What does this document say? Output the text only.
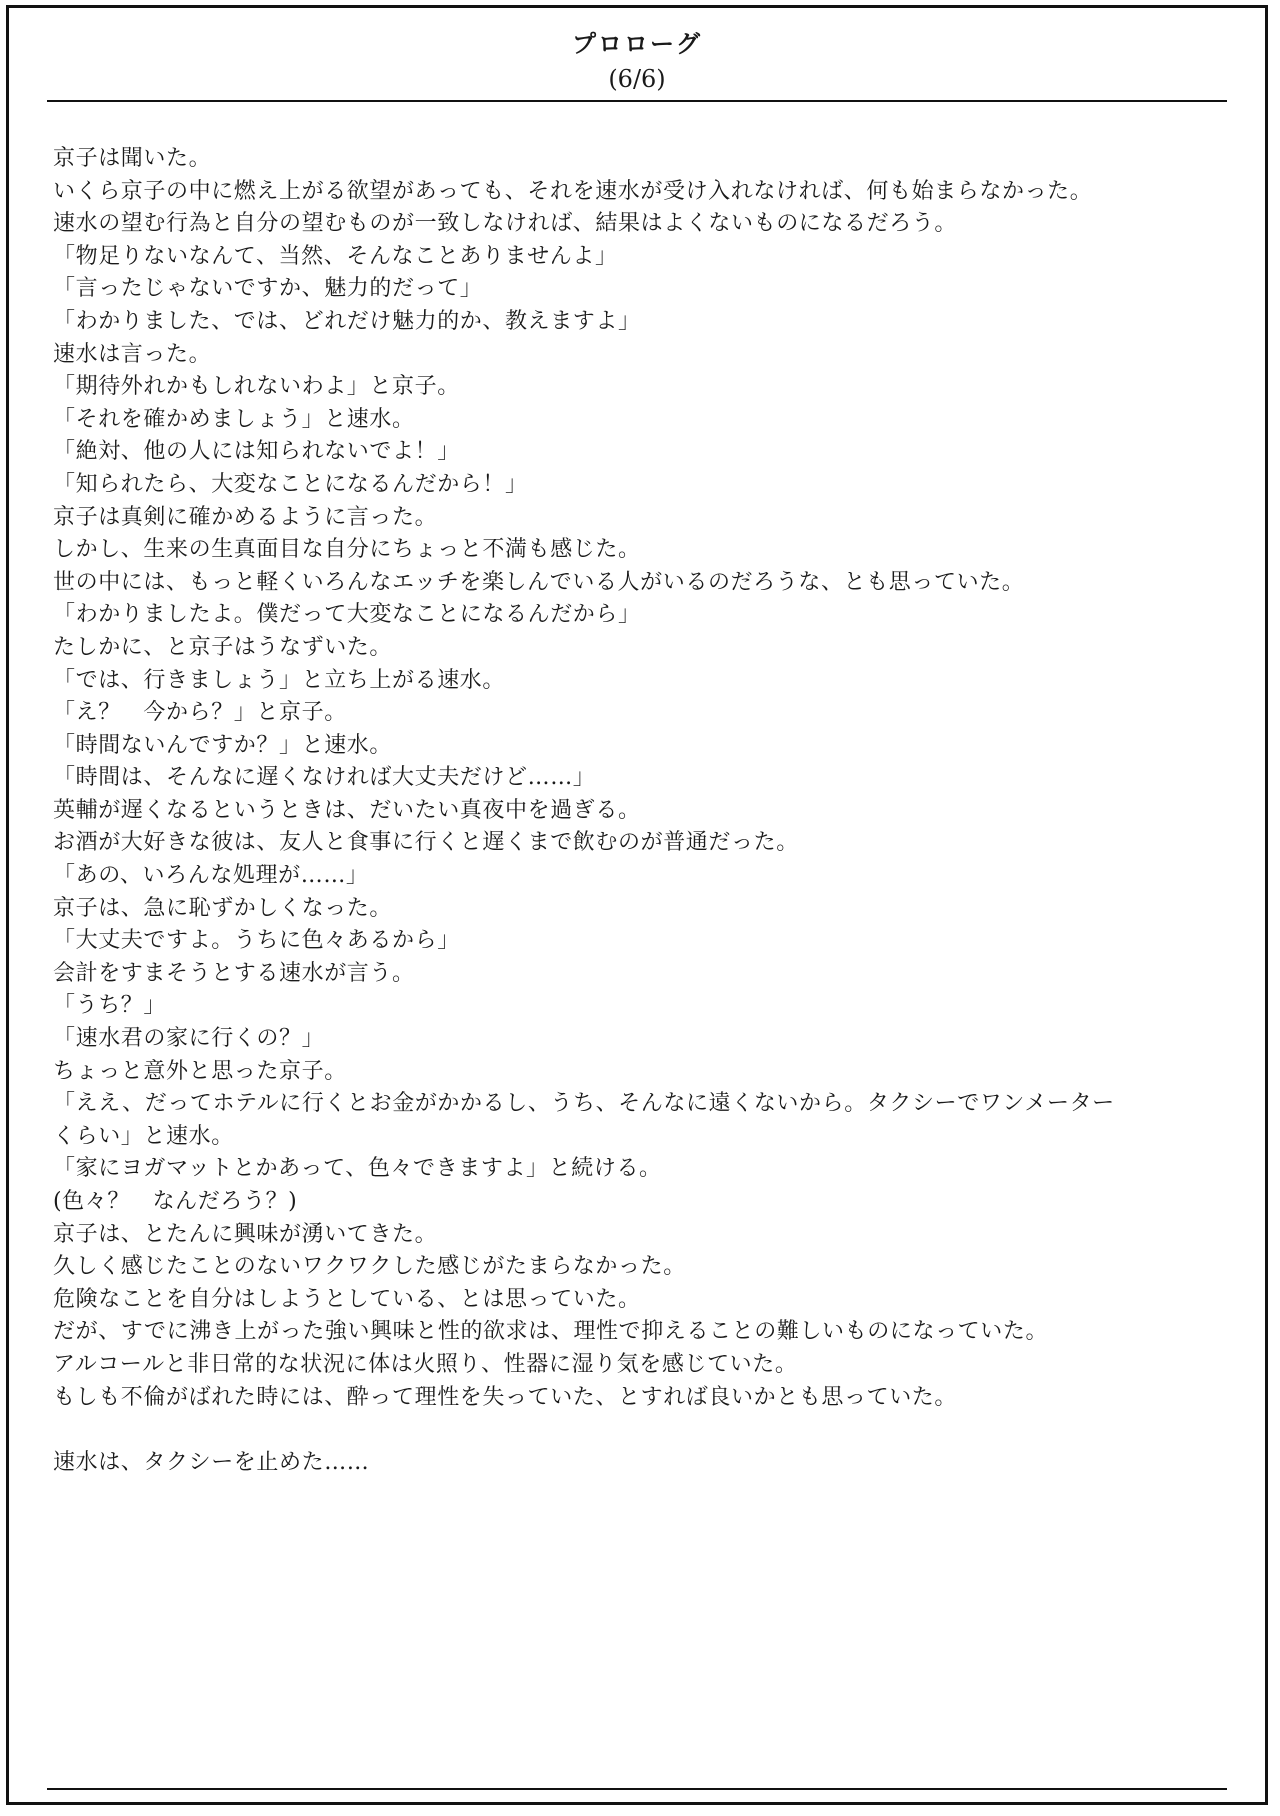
プロローグ
(6/6)
京子は聞いた。
いくら京子の中に燃え上がる欲望があっても、それを速水が受け入れなければ、何も始まらなかった。
速水の望む行為と自分の望むものが一致しなければ、結果はよくないものになるだろう。
「物足りないなんて、当然、そんなことありませんよ」
「言ったじゃないですか、魅力的だって」
「わかりました、では、どれだけ魅力的か、教えますよ」
速水は言った。
「期待外れかもしれないわよ」と京子。
「それを確かめましょう」と速水。
「絶対、他の人には知られないでよ！」
「知られたら、大変なことになるんだから！」
京子は真剣に確かめるように言った。
しかし、生来の生真面目な自分にちょっと不満も感じた。
世の中には、もっと軽くいろんなエッチを楽しんでいる人がいるのだろうな、とも思っていた。
「わかりましたよ。僕だって大変なことになるんだから」
たしかに、と京子はうなずいた。
「では、行きましょう」と立ち上がる速水。
「え？　今から？」と京子。
「時間ないんですか？」と速水。
「時間は、そんなに遅くなければ大丈夫だけど……」
英輔が遅くなるというときは、だいたい真夜中を過ぎる。
お酒が大好きな彼は、友人と食事に行くと遅くまで飲むのが普通だった。
「あの、いろんな処理が……」
京子は、急に恥ずかしくなった。
「大丈夫ですよ。うちに色々あるから」
会計をすまそうとする速水が言う。
「うち？」
「速水君の家に行くの？」
ちょっと意外と思った京子。
「ええ、だってホテルに行くとお金がかかるし、うち、そんなに遠くないから。タクシーでワンメーター
くらい」と速水。
「家にヨガマットとかあって、色々できますよ」と続ける。
(色々？　なんだろう？)
京子は、とたんに興味が湧いてきた。
久しく感じたことのないワクワクした感じがたまらなかった。
危険なことを自分はしようとしている、とは思っていた。
だが、すでに沸き上がった強い興味と性的欲求は、理性で抑えることの難しいものになっていた。
アルコールと非日常的な状況に体は火照り、性器に湿り気を感じていた。
もしも不倫がばれた時には、酔って理性を失っていた、とすれば良いかとも思っていた。
速水は、タクシーを止めた……
